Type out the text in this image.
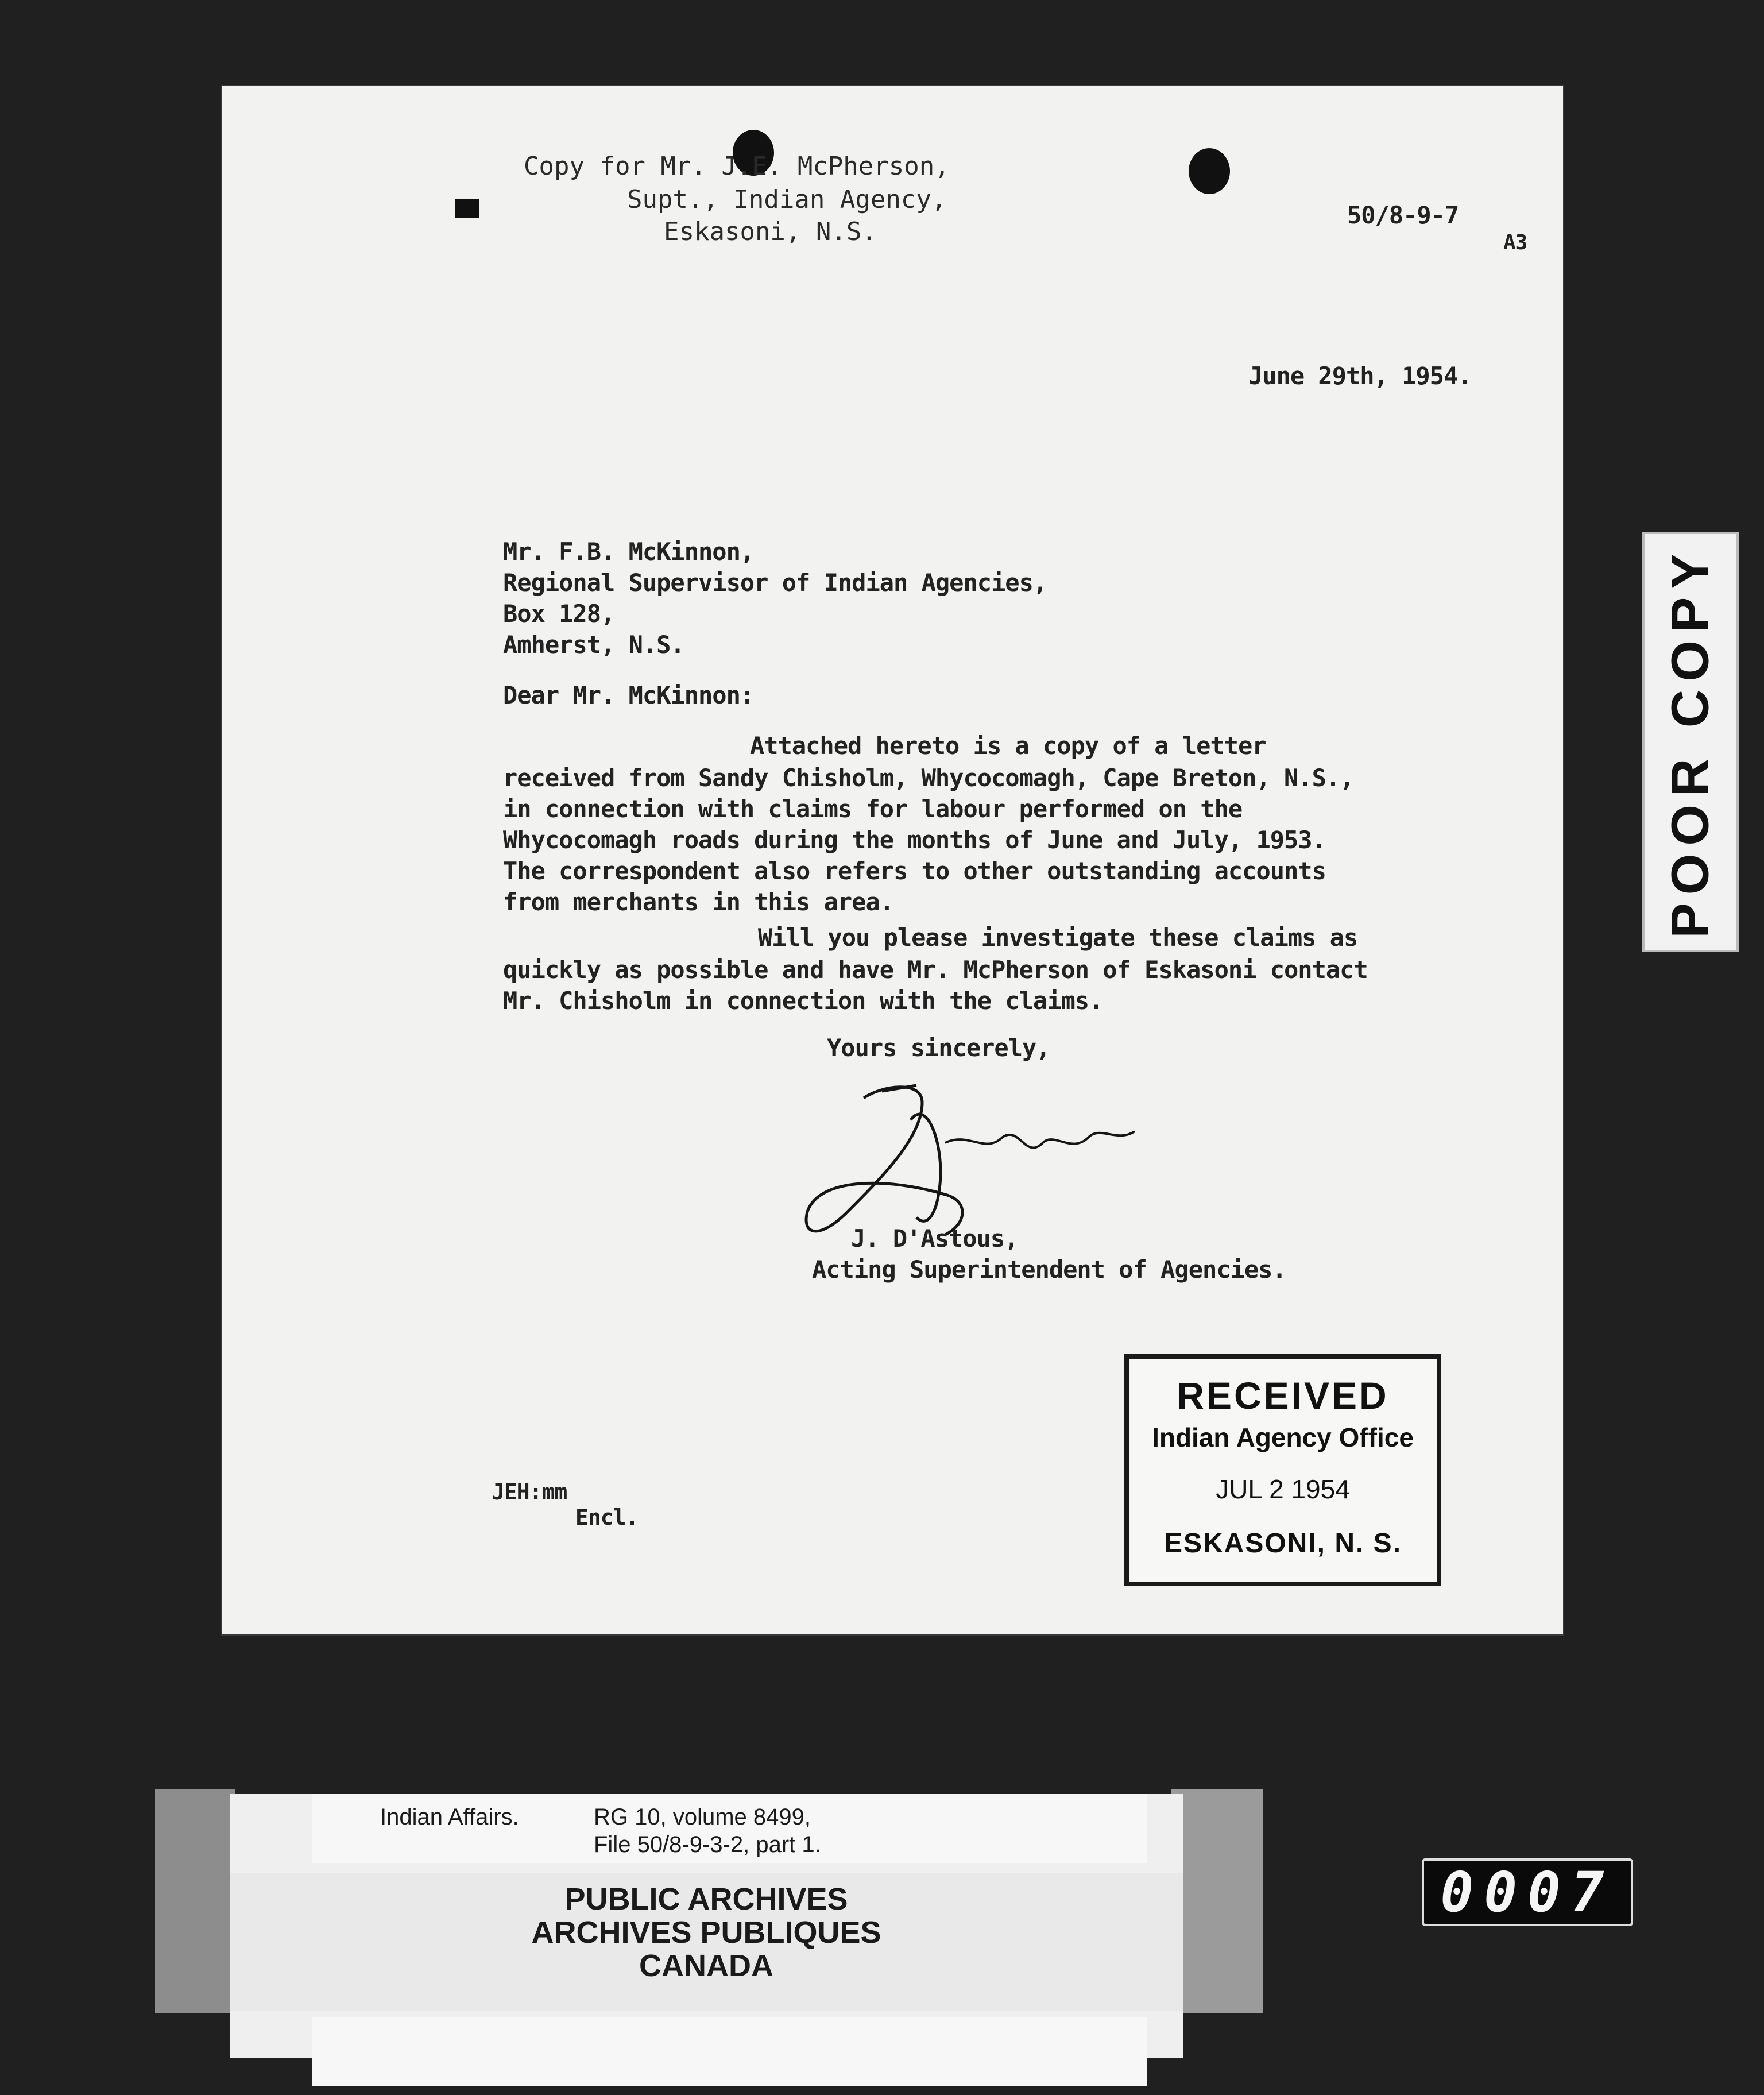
Copy for Mr. J.E. McPherson,
Supt., Indian Agency,
Eskasoni, N.S.
50/8-9-7
A3
June 29th, 1954.
Mr. F.B. McKinnon,
Regional Supervisor of Indian Agencies,
Box 128,
Amherst, N.S.
Dear Mr. McKinnon:
Attached hereto is a copy of a letter
received from Sandy Chisholm, Whycocomagh, Cape Breton, N.S.,
in connection with claims for labour performed on the
Whycocomagh roads during the months of June and July, 1953.
The correspondent also refers to other outstanding accounts
from merchants in this area.
Will you please investigate these claims as
quickly as possible and have Mr. McPherson of Eskasoni contact
Mr. Chisholm in connection with the claims.
Yours sincerely,
J. D'Astous,
Acting Superintendent of Agencies.
JEH:mm
Encl.
RECEIVED
Indian Agency Office
JUL 2 1954
ESKASONI, N. S.
POOR COPY
Indian Affairs.	RG 10, volume 8499,
File 50/8-9-3-2, part 1.
PUBLIC ARCHIVES
ARCHIVES PUBLIQUES
CANADA
0007
